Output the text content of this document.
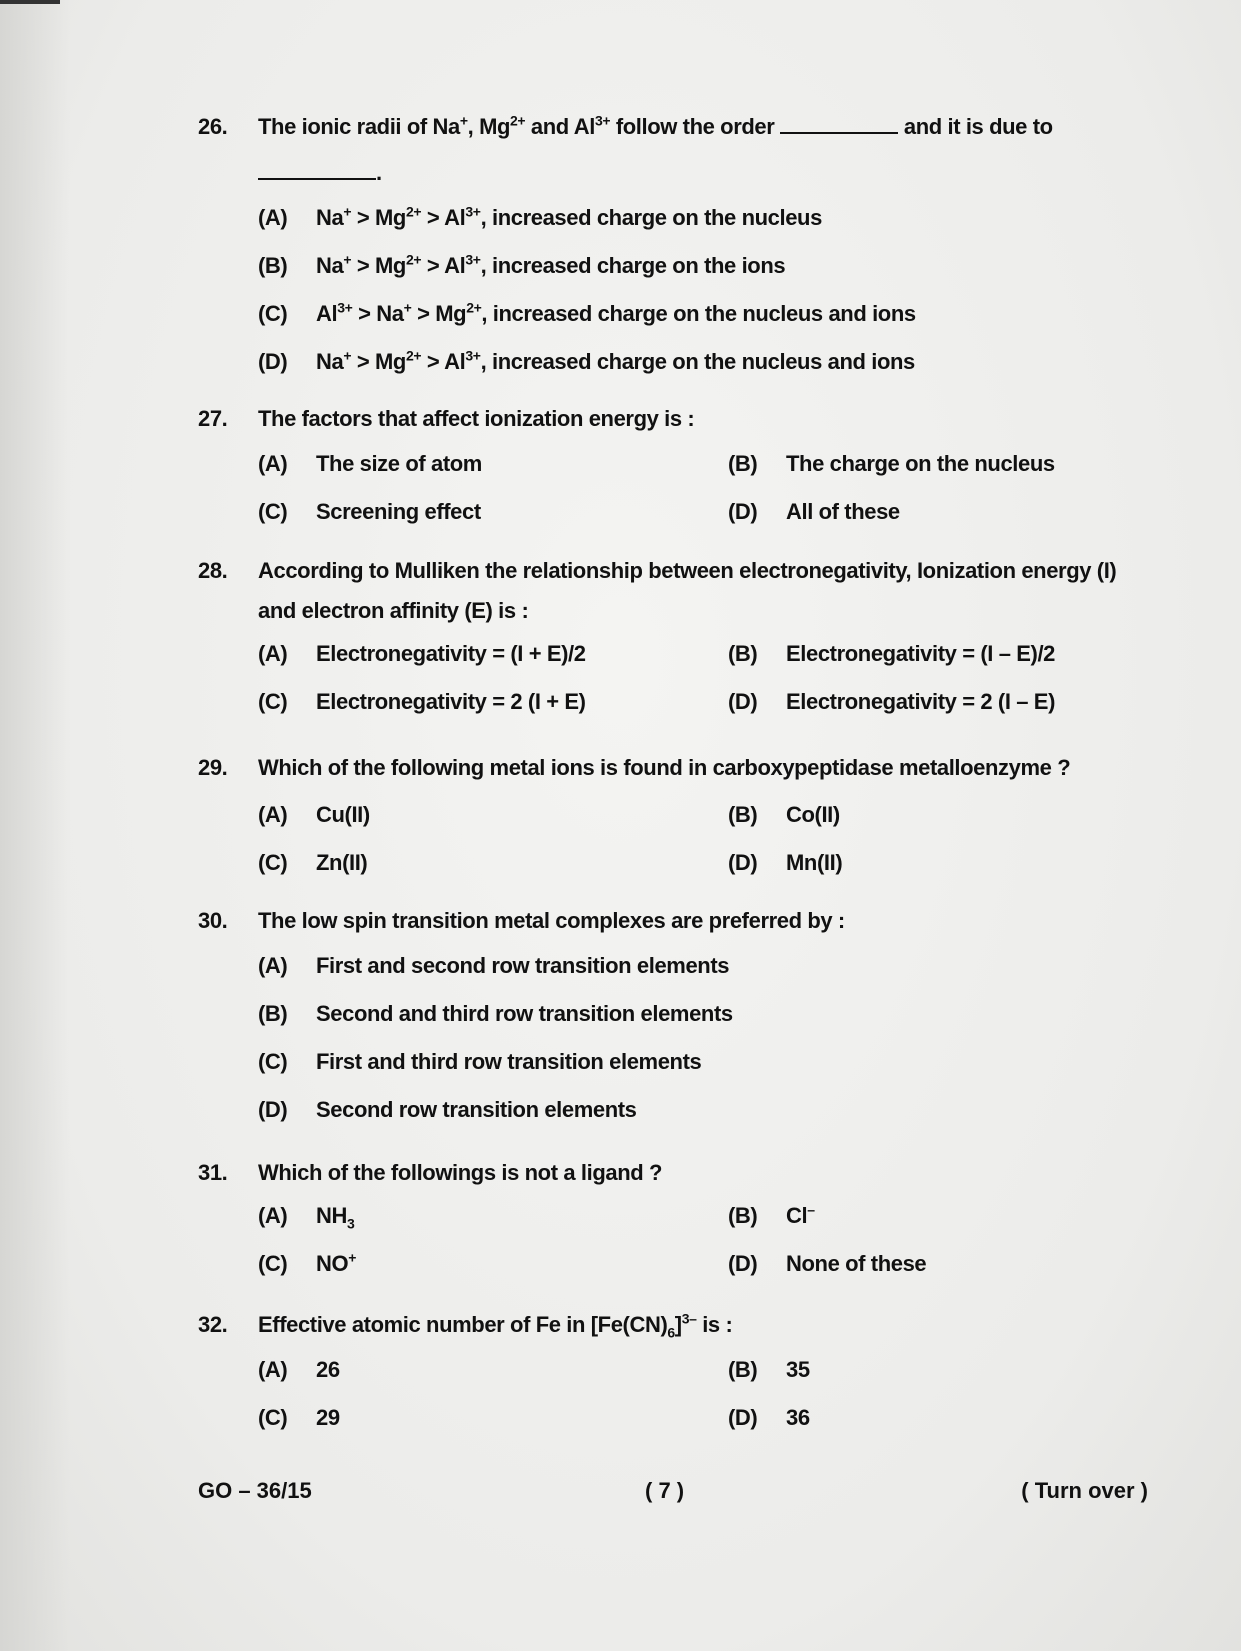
26. The ionic radii of Na+, $Mg^{2+}$ and $Al^{3+}$ follow the order	and it is due to
.
(A)	$Na^+ > Mg^{2+} > Al^{3+}$, increased charge on the nucleus
(B)	$Na^+ > Mg^{2+} > Al^{3+}$, increased charge on the ions
(C)	$Al^{3+} > Na^+ > Mg^{2+}$, increased charge on the nucleus and ions
(D)	$Na^+ > Mg^{2+} > Al^{3+}$, increased charge on the nucleus and ions
27. The factors that affect ionization energy is :
(A)	The size of atom	(B)	The charge on the nucleus
(C)	Screening effect	(D)	All of these
28. According to Mulliken the relationship between electronegativity, Ionization energy (I)
and electron affinity (E) is :
(A)	Electronegativity = (I + E)/2	(B)	Electronegativity = (I – E)/2
(C)	Electronegativity = 2 (I + E)	(D)	Electronegativity = 2 (I – E)
29. Which of the following metal ions is found in carboxypeptidase metalloenzyme ?
(A)	Cu(II)	(B)	Co(II)
(C)	Zn(II)	(D)	Mn(II)
30. The low spin transition metal complexes are preferred by :
(A)	First and second row transition elements
(B)	Second and third row transition elements
(C)	First and third row transition elements
(D)	Second row transition elements
31. Which of the followings is not a ligand ?
(A)	$NH_3$	(B)	Cl–
(C)	NO+	(D)	None of these
32. Effective atomic number of Fe in $[Fe(CN)_6]^{3-}$ is :
(A)	26	(B)	35
(C)	29	(D)	36
GO – 36/15	( 7 )	( Turn over )
